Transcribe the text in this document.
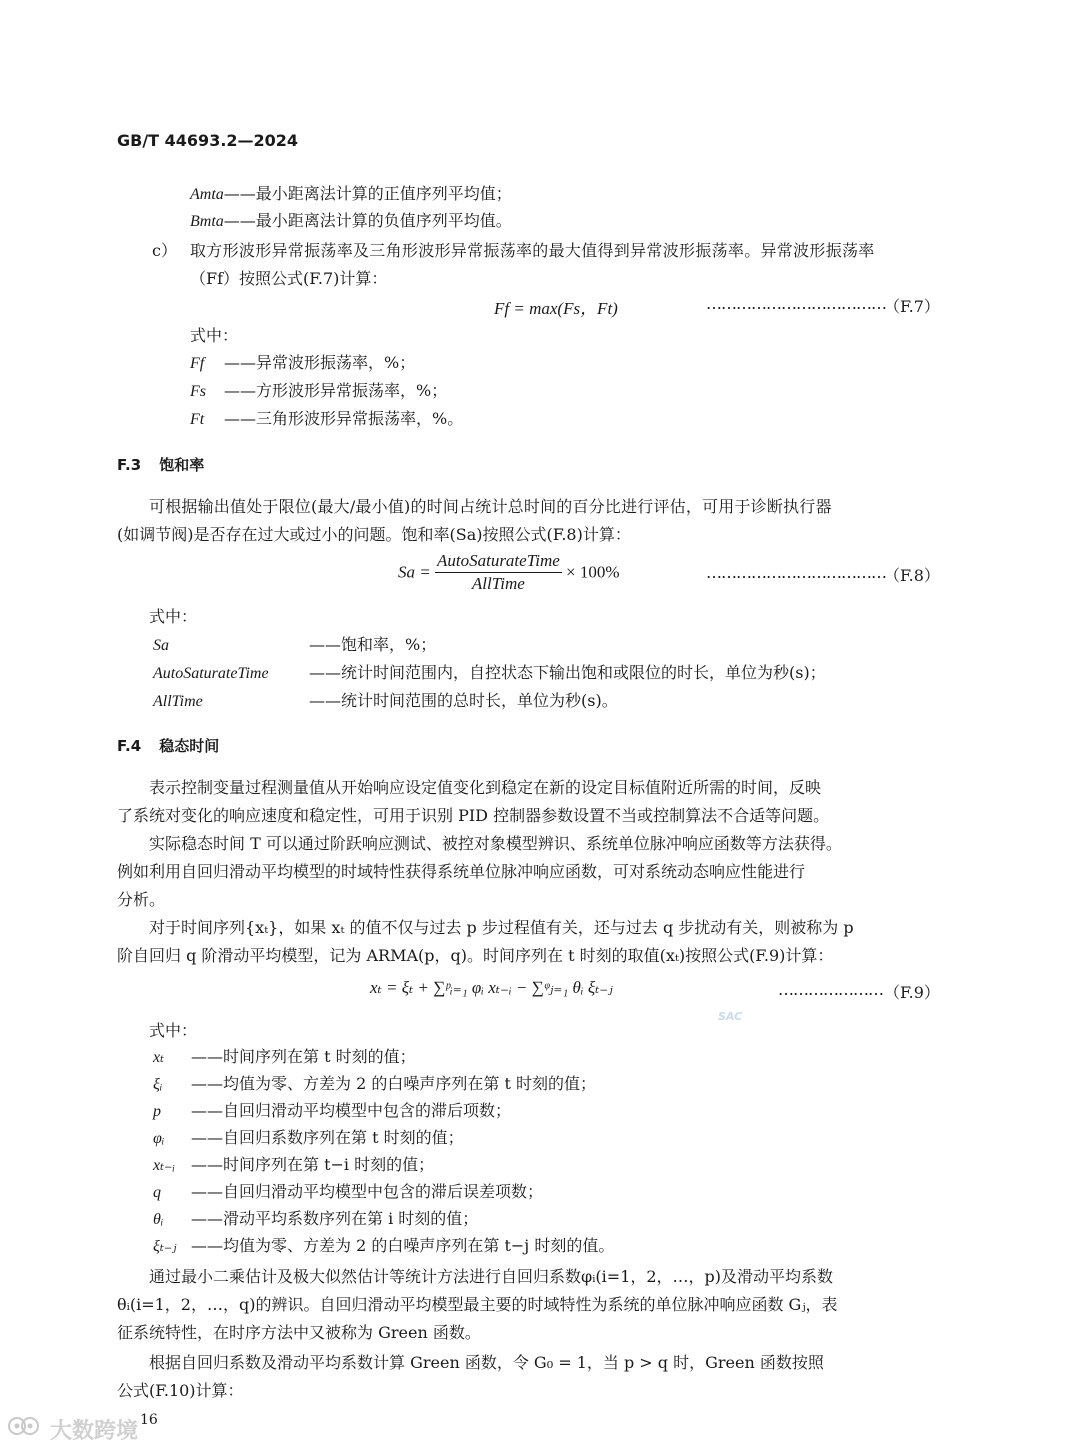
GB/T 44693.2—2024
Amta——最小距离法计算的正值序列平均值；
Bmta——最小距离法计算的负值序列平均值。
c） 取方形波形异常振荡率及三角形波形异常振荡率的最大值得到异常波形振荡率。异常波形振荡率
（Ff）按照公式(F.7)计算：
Ff = max(Fs，Ft)	………………………………
（F.7）
式中：
Ff ——异常波形振荡率，%；
Fs ——方形波形异常振荡率，%；
Ft ——三角形波形异常振荡率，%。
F.3 饱和率
可根据输出值处于限位(最大/最小值)的时间占统计总时间的百分比进行评估，可用于诊断执行器
(如调节阀)是否存在过大或过小的问题。饱和率(Sa)按照公式(F.8)计算：
$Sa = \frac{\text{AutoSaturateTime}}{\text{AllTime}} \times 100\%$	………………………………
（F.8）
式中：
Sa	——饱和率，%；
AutoSaturateTime	——统计时间范围内，自控状态下输出饱和或限位的时长，单位为秒(s)；
AllTime	——统计时间范围的总时长，单位为秒(s)。
F.4 稳态时间
表示控制变量过程测量值从开始响应设定值变化到稳定在新的设定目标值附近所需的时间，反映
了系统对变化的响应速度和稳定性，可用于识别 PID 控制器参数设置不当或控制算法不合适等问题。
实际稳态时间 T 可以通过阶跃响应测试、被控对象模型辨识、系统单位脉冲响应函数等方法获得。
例如利用自回归滑动平均模型的时域特性获得系统单位脉冲响应函数，可对系统动态响应性能进行
分析。
对于时间序列{xₜ}，如果 xₜ 的值不仅与过去 p 步过程值有关，还与过去 q 步扰动有关，则被称为 p
阶自回归 q 阶滑动平均模型，记为 ARMA(p，q)。时间序列在 t 时刻的取值(xₜ)按照公式(F.9)计算：
xₜ = ξₜ + ∑ᵖᵢ₌₁ φᵢ xₜ₋ᵢ − ∑ᵠⱼ₌₁ θᵢ ξₜ₋ⱼ	………………… （F.9）
SAC
式中：
xₜ ——时间序列在第 t 时刻的值；
ξᵢ ——均值为零、方差为 2 的白噪声序列在第 t 时刻的值；
p ——自回归滑动平均模型中包含的滞后项数；
φᵢ ——自回归系数序列在第 t 时刻的值；
xₜ₋ᵢ ——时间序列在第 t−i 时刻的值；
q ——自回归滑动平均模型中包含的滞后误差项数；
θᵢ ——滑动平均系数序列在第 i 时刻的值；
ξₜ₋ⱼ ——均值为零、方差为 2 的白噪声序列在第 t−j 时刻的值。
通过最小二乘估计及极大似然估计等统计方法进行自回归系数φᵢ(i=1，2，…，p)及滑动平均系数
θᵢ(i=1，2，…，q)的辨识。自回归滑动平均模型最主要的时域特性为系统的单位脉冲响应函数 Gⱼ，表
征系统特性，在时序方法中又被称为 Green 函数。
根据自回归系数及滑动平均系数计算 Green 函数，令 G₀ = 1，当 p > q 时，Green 函数按照
公式(F.10)计算：
大数跨境 16
